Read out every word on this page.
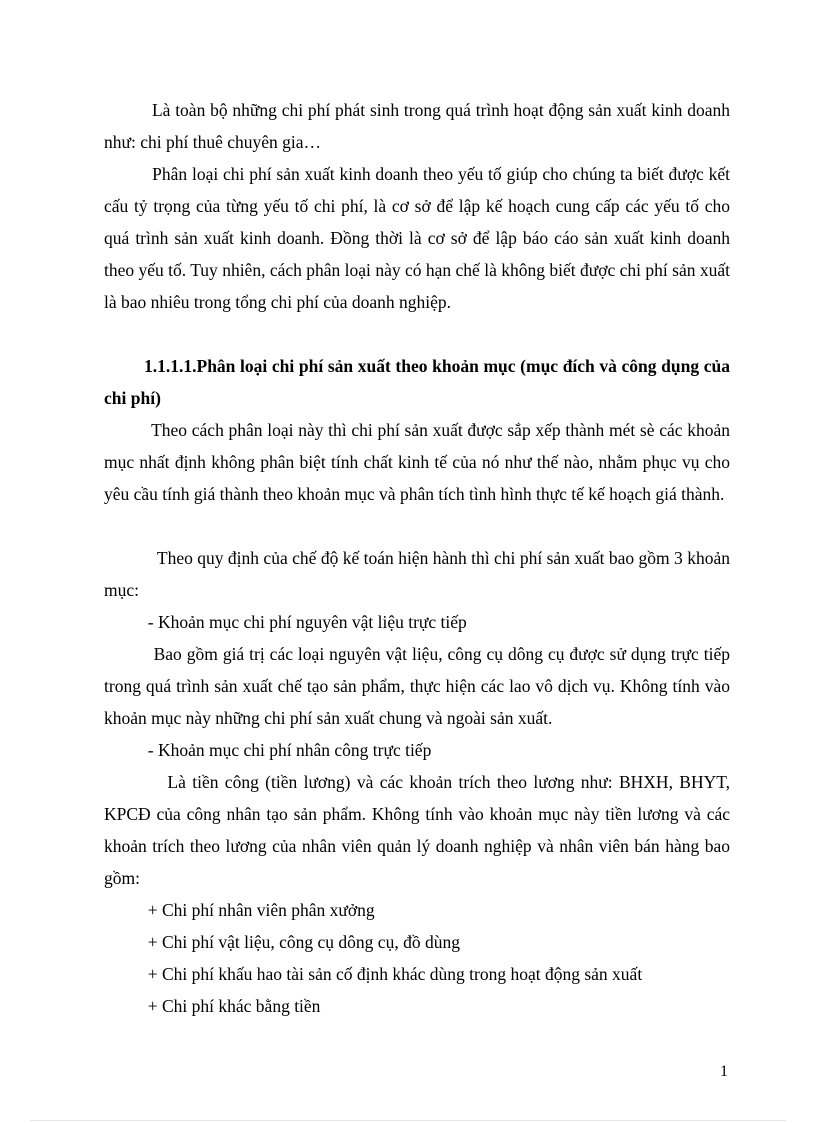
Là toàn bộ những chi phí phát sinh trong quá trình hoạt động sản xuất kinh doanh như: chi phí thuê chuyên gia…

Phân loại chi phí sản xuất kinh doanh theo yếu tố giúp cho chúng ta biết được kết cấu tỷ trọng của từng yếu tố chi phí, là cơ sở để lập kế hoạch cung cấp các yếu tố cho quá trình sản xuất kinh doanh. Đồng thời là cơ sở để lập báo cáo sản xuất kinh doanh theo yếu tố. Tuy nhiên, cách phân loại này có hạn chế là không biết được chi phí sản xuất là bao nhiêu trong tổng chi phí của doanh nghiệp.

1.1.1.1.Phân loại chi phí sản xuất theo khoản mục (mục đích và công dụng của chi phí)

Theo cách phân loại này thì chi phí sản xuất được sắp xếp thành mét sè các khoản mục nhất định không phân biệt tính chất kinh tế của nó như thế nào, nhằm phục vụ cho yêu cầu tính giá thành theo khoản mục và phân tích tình hình thực tế kế hoạch giá thành.

Theo quy định của chế độ kế toán hiện hành thì chi phí sản xuất bao gồm 3 khoản mục:

- Khoản mục chi phí nguyên vật liệu trực tiếp

Bao gồm giá trị các loại nguyên vật liệu, công cụ dông cụ được sử dụng trực tiếp trong quá trình sản xuất chế tạo sản phẩm, thực hiện các lao vô dịch vụ. Không tính vào khoản mục này những chi phí sản xuất chung và ngoài sản xuất.

- Khoản mục chi phí nhân công trực tiếp

Là tiền công (tiền lương) và các khoản trích theo lương như: BHXH, BHYT, KPCĐ của công nhân tạo sản phẩm. Không tính vào khoản mục này tiền lương và các khoản trích theo lương của nhân viên quản lý doanh nghiệp và nhân viên bán hàng bao gồm:

+ Chi phí nhân viên phân xưởng

+ Chi phí vật liệu, công cụ dông cụ, đồ dùng

+ Chi phí khấu hao tài sản cố định khác dùng trong hoạt động sản xuất

+ Chi phí khác bằng tiền

1
